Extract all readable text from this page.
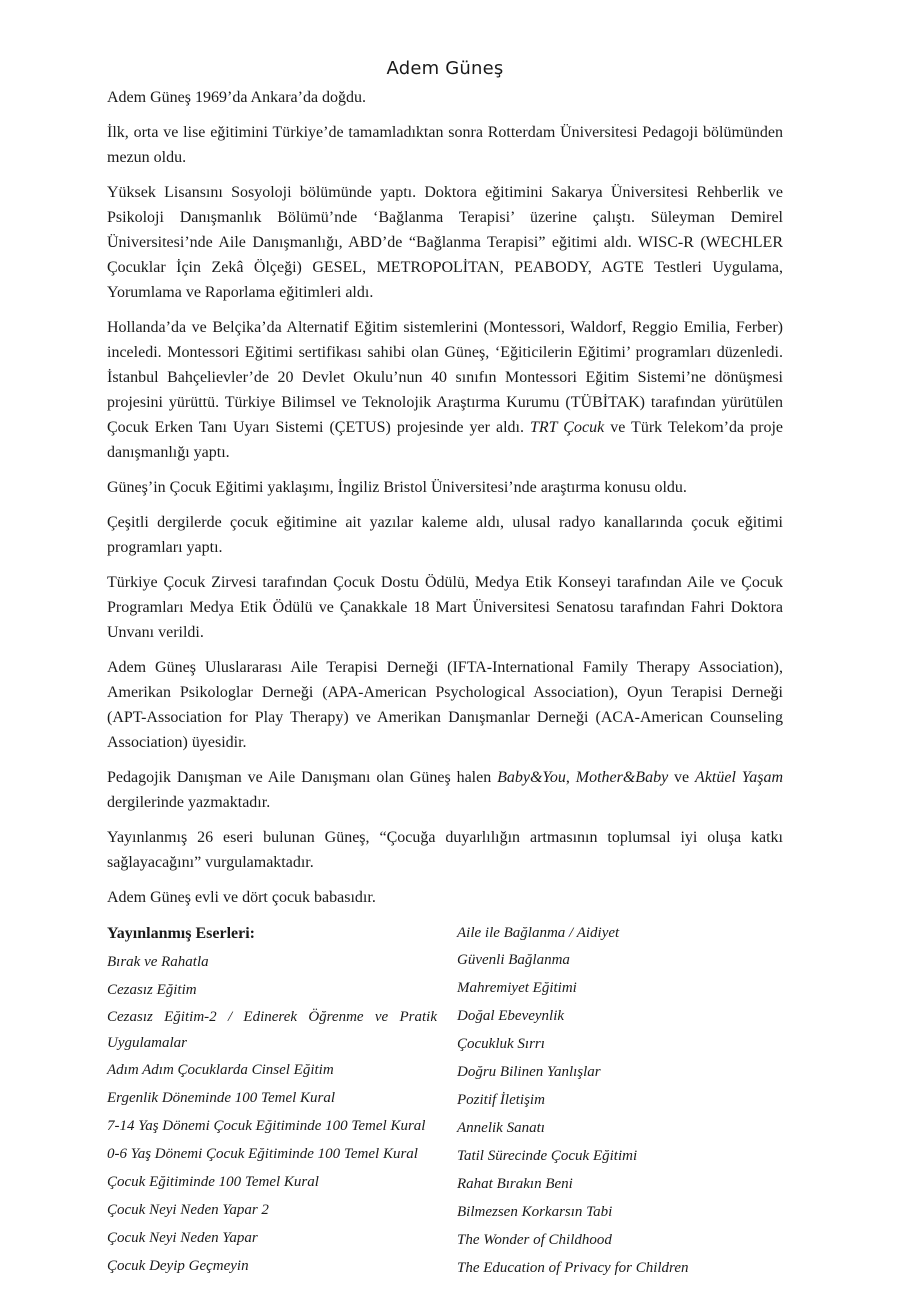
Adem Güneş

Adem Güneş 1969’da Ankara’da doğdu.

İlk, orta ve lise eğitimini Türkiye’de tamamladıktan sonra Rotterdam Üniversitesi Pedagoji bölümünden mezun oldu.

Yüksek Lisansını Sosyoloji bölümünde yaptı. Doktora eğitimini Sakarya Üniversitesi Rehberlik ve Psikoloji Danışmanlık Bölümü’nde ‘Bağlanma Terapisi’ üzerine çalıştı. Süleyman Demirel Üniversitesi’nde Aile Danışmanlığı, ABD’de “Bağlanma Terapisi” eğitimi aldı. WISC-R (WECHLER Çocuklar İçin Zekâ Ölçeği) GESEL, METROPOLİTAN, PEABODY, AGTE Testleri Uygulama, Yorumlama ve Raporlama eğitimleri aldı.

Hollanda’da ve Belçika’da Alternatif Eğitim sistemlerini (Montessori, Waldorf, Reggio Emilia, Ferber) inceledi. Montessori Eğitimi sertifikası sahibi olan Güneş, ‘Eğiticilerin Eğitimi’ programları düzenledi. İstanbul Bahçelievler’de 20 Devlet Okulu’nun 40 sınıfın Montessori Eğitim Sistemi’ne dönüşmesi projesini yürüttü. Türkiye Bilimsel ve Teknolojik Araştırma Kurumu (TÜBİTAK) tarafından yürütülen Çocuk Erken Tanı Uyarı Sistemi (ÇETUS) projesinde yer aldı. TRT Çocuk ve Türk Telekom’da proje danışmanlığı yaptı.

Güneş’in Çocuk Eğitimi yaklaşımı, İngiliz Bristol Üniversitesi’nde araştırma konusu oldu.

Çeşitli dergilerde çocuk eğitimine ait yazılar kaleme aldı, ulusal radyo kanallarında çocuk eğitimi programları yaptı.

Türkiye Çocuk Zirvesi tarafından Çocuk Dostu Ödülü, Medya Etik Konseyi tarafından Aile ve Çocuk Programları Medya Etik Ödülü ve Çanakkale 18 Mart Üniversitesi Senatosu tarafından Fahri Doktora Unvanı verildi.

Adem Güneş Uluslararası Aile Terapisi Derneği (IFTA-International Family Therapy Association), Amerikan Psikologlar Derneği (APA-American Psychological Association), Oyun Terapisi Derneği (APT-Association for Play Therapy) ve Amerikan Danışmanlar Derneği (ACA-American Counseling Association) üyesidir.

Pedagojik Danışman ve Aile Danışmanı olan Güneş halen Baby&You, Mother&Baby ve Aktüel Yaşam dergilerinde yazmaktadır.

Yayınlanmış 26 eseri bulunan Güneş, “Çocuğa duyarlılığın artmasının toplumsal iyi oluşa katkı sağlayacağını” vurgulamaktadır.

Adem Güneş evli ve dört çocuk babasıdır.

Yayınlanmış Eserleri:

Bırak ve Rahatla

Cezasız Eğitim

Cezasız Eğitim-2 / Edinerek Öğrenme ve Pratik Uygulamalar

Adım Adım Çocuklarda Cinsel Eğitim

Ergenlik Döneminde 100 Temel Kural

7-14 Yaş Dönemi Çocuk Eğitiminde 100 Temel Kural

0-6 Yaş Dönemi Çocuk Eğitiminde 100 Temel Kural

Çocuk Eğitiminde 100 Temel Kural

Çocuk Neyi Neden Yapar 2

Çocuk Neyi Neden Yapar

Çocuk Deyip Geçmeyin

Aile ile Bağlanma / Aidiyet

Güvenli Bağlanma

Mahremiyet Eğitimi

Doğal Ebeveynlik

Çocukluk Sırrı

Doğru Bilinen Yanlışlar

Pozitif İletişim

Annelik Sanatı

Tatil Sürecinde Çocuk Eğitimi

Rahat Bırakın Beni

Bilmezsen Korkarsın Tabi

The Wonder of Childhood

The Education of Privacy for Children
